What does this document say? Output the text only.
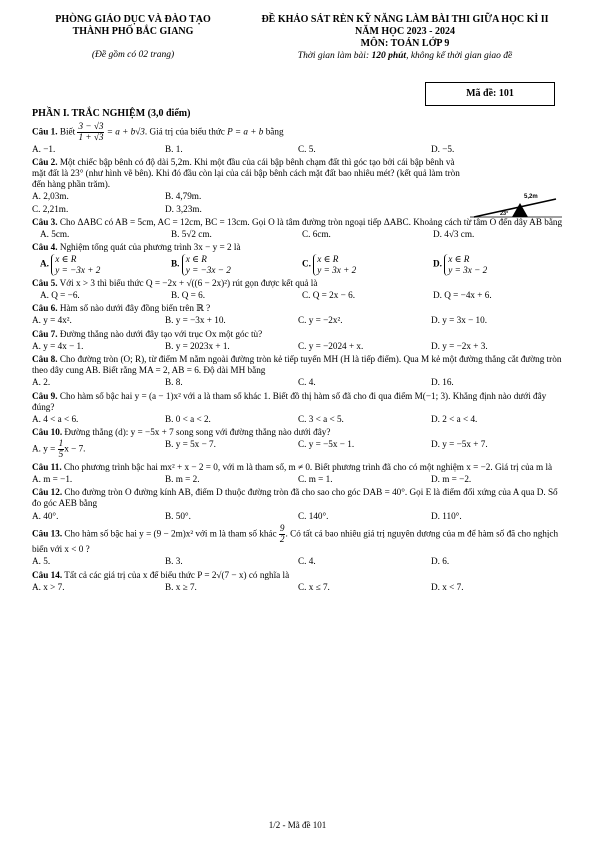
PHÒNG GIÁO DỤC VÀ ĐÀO TẠO
THÀNH PHỐ BẮC GIANG
(Đề gồm có 02 trang)
ĐỀ KHẢO SÁT RÈN KỸ NĂNG LÀM BÀI THI GIỮA HỌC KÌ II
NĂM HỌC 2023 - 2024
MÔN: TOÁN LỚP 9
Thời gian làm bài: 120 phút, không kể thời gian giao đề
Mã đề: 101
23°
5,2m
PHẦN I. TRẮC NGHIỆM (3,0 điểm)
Câu 1. Biết $\frac{3 - √3}{1 + √3} = a + b√3$. Giá trị của biểu thức P = a + b bằng
A. −1.	B. 1.	C. 5.	D. −5.
Câu 2. Một chiếc bập bênh có độ dài 5,2m. Khi một đầu của cái bập bênh chạm đất thì góc tạo bởi cái bập bênh và mặt đất là 23° (như hình vẽ bên). Khi đó đầu còn lại của cái bập bênh cách mặt đất bao nhiêu mét? (kết quả làm tròn đến hàng phần trăm).
A. 2,03m.	B. 4,79m.
C. 2,21m.	D. 3,23m.
Câu 3. Cho ΔABC có AB = 5cm, AC = 12cm, BC = 13cm. Gọi O là tâm đường tròn ngoại tiếp ΔABC. Khoảng cách từ tâm O đến dây AB bằng
A. 5cm.	B. 5√2 cm.	C. 6cm.	D. 4√3 cm.
Câu 4. Nghiệm tổng quát của phương trình 3x − y = 2 là
A. x ∈ R
y = −3x + 2
B. x ∈ R
y = −3x − 2
C. x ∈ R
y = 3x + 2
D. x ∈ R
y = 3x − 2
Câu 5. Với x > 3 thì biểu thức Q = −2x + √((6 − 2x)²) rút gọn được kết quả là
A. Q = −6.	B. Q = 6.	C. Q = 2x − 6.	D. Q = −4x + 6.
Câu 6. Hàm số nào dưới đây đồng biến trên ℝ ?
A. y = 4x².	B. y = −3x + 10.	C. y = −2x².	D. y = 3x − 10.
Câu 7. Đường thẳng nào dưới đây tạo với trục Ox một góc tù?
A. y = 4x − 1.	B. y = 2023x + 1.	C. y = −2024 + x.	D. y = −2x + 3.
Câu 8. Cho đường tròn (O; R), từ điểm M nằm ngoài đường tròn kẻ tiếp tuyến MH (H là tiếp điểm). Qua M kẻ một đường thẳng cắt đường tròn theo dây cung AB. Biết rằng MA = 2, AB = 6. Độ dài MH bằng
A. 2.	B. 8.	C. 4.	D. 16.
Câu 9. Cho hàm số bậc hai y = (a − 1)x² với a là tham số khác 1. Biết đồ thị hàm số đã cho đi qua điểm M(−1; 3). Khẳng định nào dưới đây đúng?
A. 4 < a < 6.	B. 0 < a < 2.	C. 3 < a < 5.	D. 2 < a < 4.
Câu 10. Đường thẳng (d): y = −5x + 7 song song với đường thẳng nào dưới đây?
A. $y = \frac{1}{5}$ x − 7.	B. y = 5x − 7.	C. y = −5x − 1.	D. y = −5x + 7.
Câu 11. Cho phương trình bậc hai mx² + x − 2 = 0, với m là tham số, m ≠ 0. Biết phương trình đã cho có một nghiệm x = −2. Giá trị của m là
A. m = −1.	B. m = 2.	C. m = 1.	D. m = −2.
Câu 12. Cho đường tròn O đường kính AB, điểm D thuộc đường tròn đã cho sao cho góc DAB = 40°. Gọi E là điểm đối xứng của A qua D. Số đo góc AEB bằng
A. 40°.	B. 50°.	C. 140°.	D. 110°.
Câu 13. Cho hàm số bậc hai y = (9 − 2m)x² với m là tham số khác $\frac{9}{2}$ . Có tất cả bao nhiêu giá trị nguyên dương của m để hàm số đã cho nghịch biến với x < 0 ?
A. 5.	B. 3.	C. 4.	D. 6.
Câu 14. Tất cả các giá trị của x để biểu thức P = 2√(7 − x) có nghĩa là
A. x > 7.	B. x ≥ 7.	C. x ≤ 7.	D. x < 7.
1/2 - Mã đề 101
